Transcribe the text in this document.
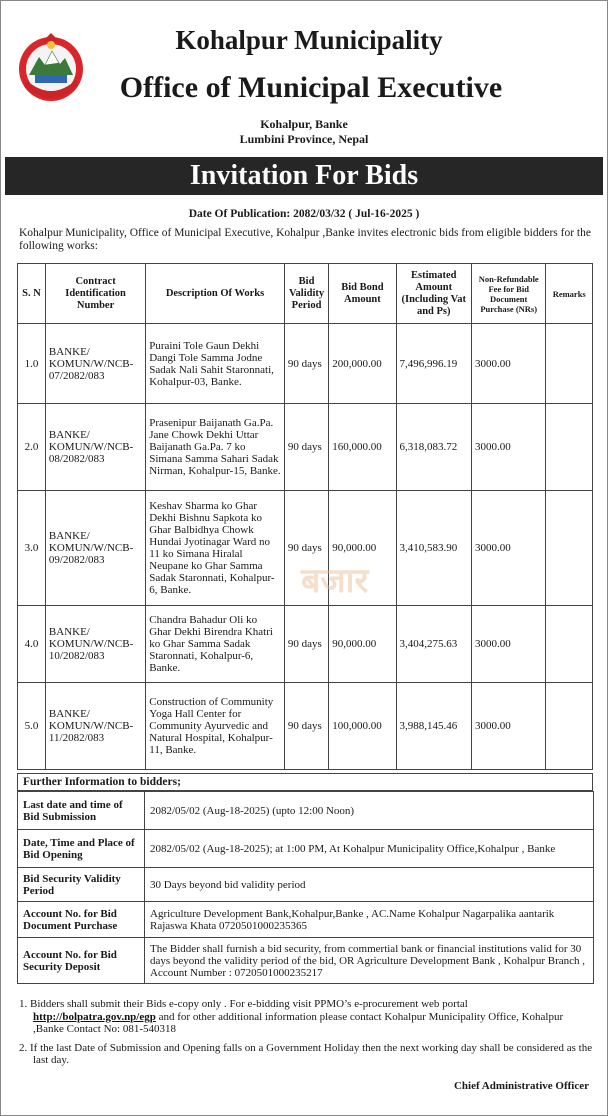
Kohalpur Municipality
Office of Municipal Executive
Kohalpur, Banke
Lumbini Province, Nepal
Invitation For Bids
Date Of Publication: 2082/03/32 ( Jul-16-2025 )
Kohalpur Municipality, Office of Municipal Executive, Kohalpur ,Banke invites electronic bids from eligible bidders for the following works:
S. N	Contract Identification Number	Description Of Works	Bid Validity Period	Bid Bond Amount	Estimated Amount (Including Vat and Ps)	Non-Refundable Fee for Bid Document Purchase (NRs)	Remarks
1.0	BANKE/ KOMUN/W/NCB-07/2082/083	Puraini Tole Gaun Dekhi Dangi Tole Samma Jodne Sadak Nali Sahit Staronnati, Kohalpur-03, Banke.	90 days	200,000.00	7,496,996.19	3000.00	
2.0	BANKE/ KOMUN/W/NCB-08/2082/083	Prasenipur Baijanath Ga.Pa. Jane Chowk Dekhi Uttar Baijanath Ga.Pa. 7 ko Simana Samma Sahari Sadak Nirman, Kohalpur-15, Banke.	90 days	160,000.00	6,318,083.72	3000.00	
3.0	BANKE/ KOMUN/W/NCB-09/2082/083	Keshav Sharma ko Ghar Dekhi Bishnu Sapkota ko Ghar Balbidhya Chowk Hundai Jyotinagar Ward no 11 ko Simana Hiralal Neupane ko Ghar Samma Sadak Staronnati, Kohalpur-6, Banke.	90 days	90,000.00	3,410,583.90	3000.00	
4.0	BANKE/ KOMUN/W/NCB-10/2082/083	Chandra Bahadur Oli ko Ghar Dekhi Birendra Khatri ko Ghar Samma Sadak Staronnati, Kohalpur-6, Banke.	90 days	90,000.00	3,404,275.63	3000.00	
5.0	BANKE/ KOMUN/W/NCB-11/2082/083	Construction of Community Yoga Hall Center for Community Ayurvedic and Natural Hospital, Kohalpur-11, Banke.	90 days	100,000.00	3,988,145.46	3000.00	
बजार
Further Information to bidders;
Last date and time of Bid Submission	2082/05/02 (Aug-18-2025) (upto 12:00 Noon)
Date, Time and Place of Bid Opening	2082/05/02 (Aug-18-2025); at 1:00 PM, At Kohalpur Municipality Office,Kohalpur , Banke
Bid Security Validity Period	30 Days beyond bid validity period
Account No. for Bid Document Purchase	Agriculture Development Bank,Kohalpur,Banke , AC.Name Kohalpur Nagarpalika aantarik Rajaswa Khata 0720501000235365
Account No. for Bid Security Deposit	The Bidder shall furnish a bid security, from commertial bank or financial institutions valid for 30 days beyond the validity period of the bid, OR Agriculture Development Bank , Kohalpur Branch , Account Number : 0720501000235217
1. Bidders shall submit their Bids e-copy only . For e-bidding visit PPMO’s e-procurement web portal http://bolpatra.gov.np/egp and for other additional information please contact Kohalpur Municipality Office, Kohalpur ,Banke Contact No: 081-540318
2. If the last Date of Submission and Opening falls on a Government Holiday then the next working day shall be considered as the last day.
Chief Administrative Officer
